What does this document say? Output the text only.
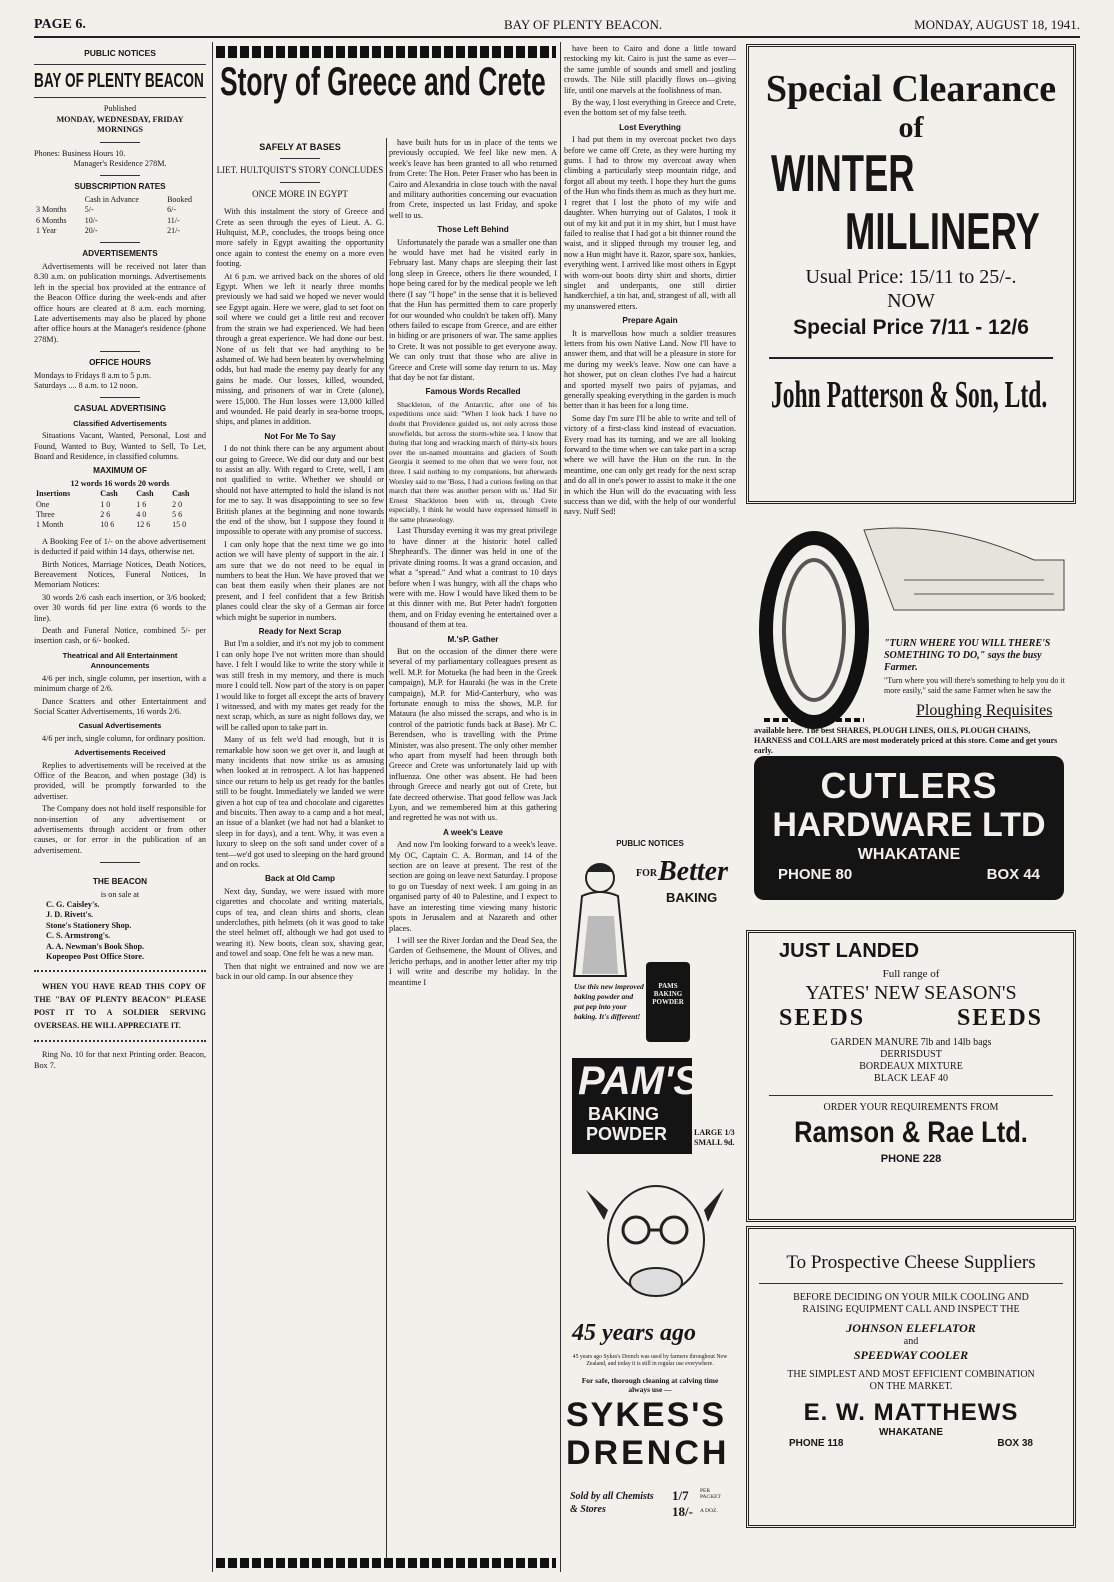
PAGE 6.	BAY OF PLENTY BEACON.	MONDAY, AUGUST 18, 1941.
PUBLIC NOTICES
BAY OF PLENTY BEACON
Published
MONDAY, WEDNESDAY, FRIDAY MORNINGS
Phones: Business Hours 10.
Manager's Residence 278M.
SUBSCRIPTION RATES
	Cash in Advance	Booked
3 Months	5/-	6/-
6 Months	10/-	11/-
1 Year	20/-	21/-
ADVERTISEMENTS

Advertisements will be received not later than 8.30 a.m. on publication mornings. Advertisements left in the special box provided at the entrance of the Beacon Office during the week-ends and after office hours are cleared at 8 a.m. each morning. Late advertisements may also be placed by phone after office hours at the Manager's residence (phone 278M).

OFFICE HOURS
Mondays to Fridays 8 a.m to 5 p.m.
Saturdays .... 8 a.m. to 12 noon.
CASUAL ADVERTISING
Classified Advertisements

Situations Vacant, Wanted, Personal, Lost and Found, Wanted to Buy, Wanted to Sell, To Let, Board and Residence, in classified columns.

MAXIMUM OF
12 words 16 words 20 words
Insertions	Cash	Cash	Cash
One	1 0	1 6	2 0
Three	2 6	4 0	5 6
1 Month	10 6	12 6	15 0

A Booking Fee of 1/- on the above advertisement is deducted if paid within 14 days, otherwise net.

Birth Notices, Marriage Notices, Death Notices, Bereavement Notices, Funeral Notices, In Memoriam Notices:

30 words 2/6 cash each insertion, or 3/6 booked; over 30 words 6d per line extra (6 words to the line).

Death and Funeral Notice, combined 5/- per insertion cash, or 6/- booked.

Theatrical and All Entertainment Announcements

4/6 per inch, single column, per insertion, with a minimum charge of 2/6.

Dance Scatters and other Entertainment and Social Scatter Advertisements, 16 words 2/6.

Casual Advertisements

4/6 per inch, single column, for ordinary position.

Advertisements Received

Replies to advertisements will be received at the Office of the Beacon, and when postage (3d) is provided, will be promptly forwarded to the advertiser.

The Company does not hold itself responsible for non-insertion of any advertisement or advertisements through accident or from other causes, or for error in the publication of an advertisement.

THE BEACON
is on sale at
C. G. Caisley's.
J. D. Rivett's.
Stone's Stationery Shop.
C. S. Armstrong's.
A. A. Newman's Book Shop.
Kopeopeo Post Office Store.

WHEN YOU HAVE READ THIS COPY OF THE "BAY OF PLENTY BEACON" PLEASE POST IT TO A SOLDIER SERVING OVERSEAS. HE WILL APPRECIATE IT.

Ring No. 10 for that next Printing order. Beacon, Box 7.

Story of Greece and Crete
SAFELY AT BASES
LIET. HULTQUIST'S STORY CONCLUDES
ONCE MORE IN EGYPT

With this instalment the story of Greece and Crete as seen through the eyes of Lieut. A. G. Hultquist, M.P., concludes, the troops being once more safely in Egypt awaiting the opportunity once again to contest the enemy on a more even footing.

At 6 p.m. we arrived back on the shores of old Egypt. When we left it nearly three months previously we had said we hoped we never would see Egypt again. Here we were, glad to set foot on soil where we could get a little rest and recover from the strain we had experienced. We had been through a great experience. We had done our best. None of us felt that we had anything to be ashamed of. We had been beaten by overwhelming odds, but had made the enemy pay dearly for any gains he made. Our losses, killed, wounded, missing, and prisoners of war in Crete (alone), were 15,000. The Hun losses were 13,000 killed and wounded. He paid dearly in sea-borne troops, ships, and planes in addition.

Not For Me To Say

I do not think there can be any argument about our going to Greece. We did our duty and our best to assist an ally. With regard to Crete, well, I am not qualified to write. Whether we should or should not have attempted to hold the island is not for me to say. It was disappointing to see so few British planes at the beginning and none towards the end of the show, but I suppose they found it impossible to operate with any promise of success.

I can only hope that the next time we go into action we will have plenty of support in the air. I am sure that we do not need to be equal in numbers to beat the Hun. We have proved that we can beat them easily when their planes are not present, and I feel confident that a few British planes could clear the sky of a German air force which might be superior in numbers.

Ready for Next Scrap

But I'm a soldier, and it's not my job to comment I can only hope I've not written more than should have. I felt I would like to write the story while it was still fresh in my memory, and there is much more I could tell. Now part of the story is on paper I would like to forget all except the acts of bravery I witnessed, and with my mates get ready for the next scrap, which, as sure as night follows day, we will be called upon to take part in.

Many of us felt we'd had enough, but it is remarkable how soon we get over it, and laugh at many incidents that now strike us as amusing when looked at in retrospect. A lot has happened since our return to help us get ready for the battles still to be fought. Immediately we landed we were given a hot cup of tea and chocolate and cigarettes and biscuits. Then away to a camp and a hot meal, an issue of a blanket (we had not had a blanket to sleep in for days), and a tent. Why, it was even a luxury to sleep on the soft sand under cover of a tent—we'd got used to sleeping on the hard ground and on rocks.

Back at Old Camp

Next day, Sunday, we were issued with more cigarettes and chocolate and writing materials, cups of tea, and clean shirts and shorts, clean underclothes, pith helmets (oh it was good to take the steel helmet off, although we had got used to wearing it). New boots, clean sox, shaving gear, and towel and soap. One felt he was a new man.

Then that night we entrained and now we are back in our old camp. In our absence they

have built huts for us in place of the tents we previously occupied. We feel like new men. A week's leave has been granted to all who returned from Crete: The Hon. Peter Fraser who has been in Cairo and Alexandria in close touch with the naval and military authorities concerning our evacuation from Crete, inspected us last Friday, and spoke well to us.

Those Left Behind

Unfortunately the parade was a smaller one than he would have met had he visited early in February last. Many chaps are sleeping their last long sleep in Greece, others lie there wounded, I hope being cared for by the medical people we left there (I say "I hope" in the sense that it is believed that the Hun has permitted them to care properly for our wounded who couldn't be taken off). Many others failed to escape from Greece, and are either in hiding or are prisoners of war. The same applies to Crete. It was not possible to get everyone away. We can only trust that those who are alive in Greece and Crete will some day return to us. May that day be not far distant.

Famous Words Recalled

Shackleton, of the Antarctic, after one of his expeditions once said: "When I look back I have no doubt that Providence guided us, not only across those snowfields, but across the storm-white sea. I know that during that long and wracking march of thirty-six hours over the un-named mountains and glaciers of South Georgia it seemed to me often that we were four, not three. I said nothing to my companions, but afterwards Worsley said to me 'Boss, I had a curious feeling on that march that there was another person with us.' Had Sir Ernest Shackleton been with us, through Crete especially, I think he would have expressed himself in the same phraseology.

Last Thursday evening it was my great privilege to have dinner at the historic hotel called Shepheard's. The dinner was held in one of the private dining rooms. It was a grand occasion, and what a "spread." And what a contrast to 10 days before when I was hungry, with all the chaps who were with me. How I would have liked them to be at this dinner with me. But Peter hadn't forgotten them, and on Friday evening he entertained over a thousand of them at tea.

M.'sP. Gather

But on the occasion of the dinner there were several of my parliamentary colleagues present as well. M.P. for Motueka (he had been in the Greek campaign), M.P. for Hauraki (he was in the Crete campaign), M.P. for Mid-Canterbury, who was fortunate enough to miss the shows, M.P. for Mataura (he also missed the scraps, and who is in control of the patriotic funds back at Base). Mr C. Berendsen, who is travelling with the Prime Minister, was also present. The only other member who apart from myself had been through both Greece and Crete was unfortunately laid up with influenza. One other was absent. He had been through Greece and nearly got out of Crete, but fate decreed otherwise. That good fellow was Jack Lyon, and we remembered him at this gathering and regretted he was not with us.

A week's Leave

And now I'm looking forward to a week's leave. My OC, Captain C. A. Borman, and 14 of the section are on leave at present. The rest of the section are going on leave next Saturday. I propose to go on Tuesday of next week. I am going in an organised party of 40 to Palestine, and I expect to have an interesting time viewing many historic spots in Jerusalem and at Nazareth and other places.

I will see the River Jordan and the Dead Sea, the Garden of Gethsemene, the Mount of Olives, and Jericho perhaps, and in another letter after my trip I will write and describe my holiday. In the meantime I

have been to Cairo and done a little toward restocking my kit. Cairo is just the same as ever—the same jumble of sounds and smell and jostling crowds. The Nile still placidly flows on—giving life, until one marvels at the foolishness of man.

By the way, I lost everything in Greece and Crete, even the bottom set of my false teeth.

Lost Everything

I had put them in my overcoat pocket two days before we came off Crete, as they were hurting my gums. I had to throw my overcoat away when climbing a particularly steep mountain ridge, and forgot all about my teeth. I hope they hurt the gums of the Hun who finds them as much as they hurt me. I regret that I lost the photo of my wife and daughter. When hurrying out of Galatos, I took it out of my kit and put it in my shirt, but I must have failed to realise that I had got a bit thinner round the waist, and it slipped through my trouser leg, and now a Hun might have it. Razor, spare sox, hankies, everything went. I arrived like most others in Egypt with worn-out boots dirty shirt and shorts, dirtier singlet and underpants, one still dirtier handkerchief, a tin hat, and, strangest of all, with all my unanswered etters.

Prepare Again

It is marvellous how much a soldier treasures letters from his own Native Land. Now I'll have to answer them, and that will be a pleasure in store for me during my week's leave. Now one can have a hot shower, put on clean clothes I've had a haircut and sported myself two pairs of pyjamas, and generally speaking everything in the garden is much better than it has been for a long time.

Some day I'm sure I'll be able to write and tell of victory of a first-class kind instead of evacuation. Every road has its turning, and we are all looking forward to the time when we can take part in a scrap where we will have the Hun on the run. In the meantime, one can only get ready for the next scrap and do all in one's power to assist to make it the one in which the Hun will do the evacuating with less success than we did, with the help of our wonderful navy. Nuff Sed!

PUBLIC NOTICES
FOR Better
BAKING
Use this new improved baking powder and put pep into your baking. It's different!
PAMS BAKING POWDER
PAM'S
BAKING
POWDER	LARGE 1/3
SMALL 9d.
45 years ago
45 years ago Sykes's Drench was used by farmers throughout New Zealand, and today it is still in regular use everywhere.
For safe, thorough cleaning at calving time always use —
SYKES'S
DRENCH
Sold by all Chemists & Stores
1/7 PER PACKET
18/- A DOZ.
Special Clearance
of
WINTER
MILLINERY
Usual Price: 15/11 to 25/-.
NOW
Special Price 7/11 - 12/6
John Patterson & Son, Ltd.
"TURN WHERE YOU WILL THERE'S SOMETHING TO DO," says the busy Farmer.
"Turn where you will there's something to help you do it more easily," said the same Farmer when he saw the
Ploughing Requisites
available here. The best SHARES, PLOUGH LINES, OILS, PLOUGH CHAINS, HARNESS and COLLARS are most moderately priced at this store. Come and get yours early.
CUTLERS
HARDWARE LTD
WHAKATANE
PHONE 80	BOX 44
JUST LANDED
Full range of
YATES' NEW SEASON'S
SEEDS	SEEDS
GARDEN MANURE 7lb and 14lb bags
DERRISDUST
BORDEAUX MIXTURE
BLACK LEAF 40
ORDER YOUR REQUIREMENTS FROM
Ramson & Rae Ltd.
PHONE 228
To Prospective Cheese Suppliers
BEFORE DECIDING ON YOUR MILK COOLING AND RAISING EQUIPMENT CALL AND INSPECT THE
JOHNSON ELEFLATOR
and
SPEEDWAY COOLER
THE SIMPLEST AND MOST EFFICIENT COMBINATION ON THE MARKET.
E. W. MATTHEWS
WHAKATANE
PHONE 118	BOX 38
